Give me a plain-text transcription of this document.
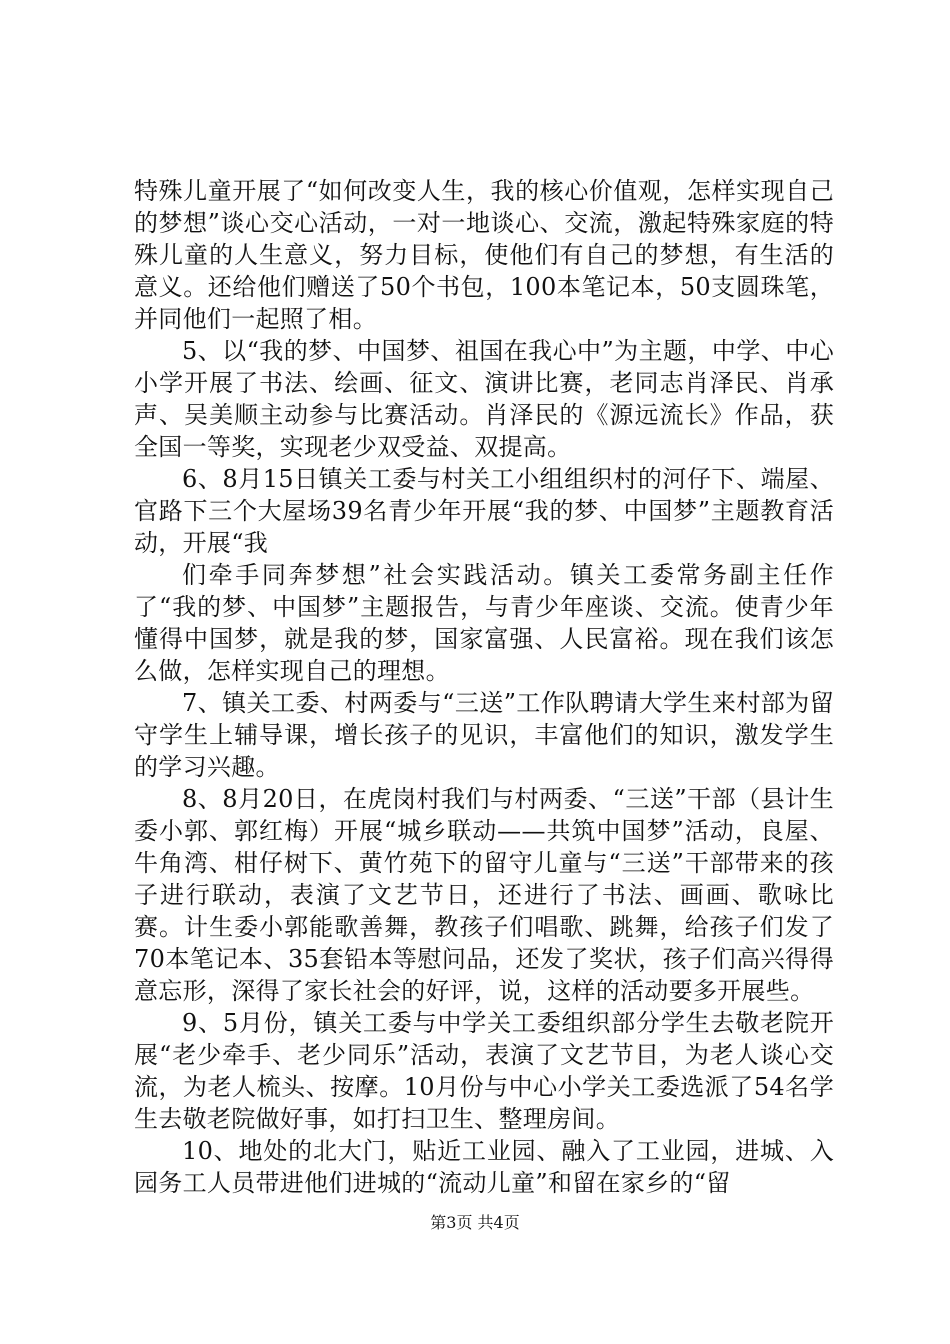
特殊儿童开展了“如何改变人生，我的核心价值观，怎样实现自己的梦想”谈心交心活动，一对一地谈心、交流，激起特殊家庭的特殊儿童的人生意义，努力目标，使他们有自己的梦想，有生活的意义。还给他们赠送了50个书包，100本笔记本，50支圆珠笔，并同他们一起照了相。

5、以“我的梦、中国梦、祖国在我心中”为主题，中学、中心小学开展了书法、绘画、征文、演讲比赛，老同志肖泽民、肖承声、吴美顺主动参与比赛活动。肖泽民的《源远流长》作品，获全国一等奖，实现老少双受益、双提高。

6、8月15日镇关工委与村关工小组组织村的河仔下、端屋、官路下三个大屋场39名青少年开展“我的梦、中国梦”主题教育活动，开展“我

们牵手同奔梦想”社会实践活动。镇关工委常务副主任作了“我的梦、中国梦”主题报告，与青少年座谈、交流。使青少年懂得中国梦，就是我的梦，国家富强、人民富裕。现在我们该怎么做，怎样实现自己的理想。

7、镇关工委、村两委与“三送”工作队聘请大学生来村部为留守学生上辅导课，增长孩子的见识，丰富他们的知识，激发学生的学习兴趣。

8、8月20日，在虎岗村我们与村两委、“三送”干部（县计生委小郭、郭红梅）开展“城乡联动——共筑中国梦”活动，良屋、牛角湾、柑仔树下、黄竹苑下的留守儿童与“三送”干部带来的孩子进行联动，表演了文艺节日，还进行了书法、画画、歌咏比赛。计生委小郭能歌善舞，教孩子们唱歌、跳舞，给孩子们发了70本笔记本、35套铅本等慰问品，还发了奖状，孩子们高兴得得意忘形，深得了家长社会的好评，说，这样的活动要多开展些。

9、5月份，镇关工委与中学关工委组织部分学生去敬老院开展“老少牵手、老少同乐”活动，表演了文艺节目，为老人谈心交流，为老人梳头、按摩。10月份与中心小学关工委选派了54名学生去敬老院做好事，如打扫卫生、整理房间。

10、地处的北大门，贴近工业园、融入了工业园，进城、入园务工人员带进他们进城的“流动儿童”和留在家乡的“留

第3页 共4页
